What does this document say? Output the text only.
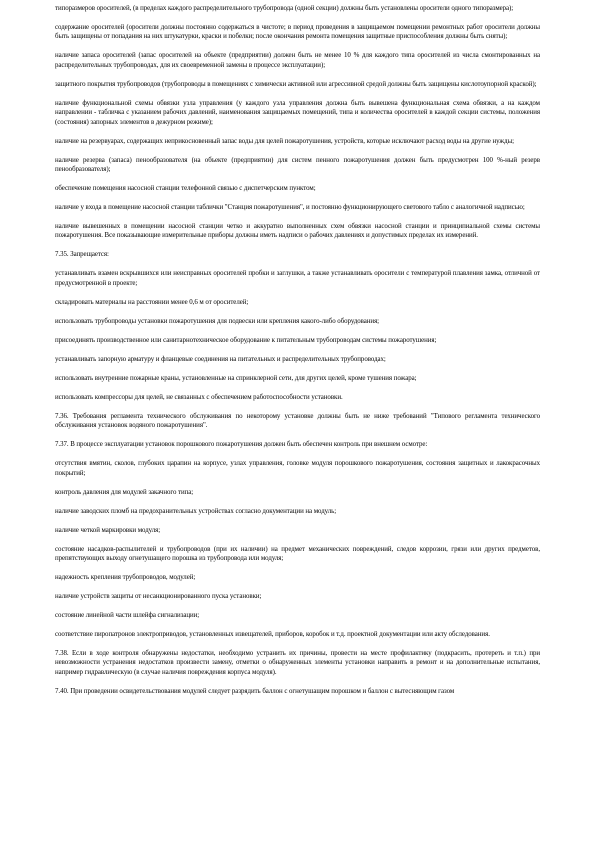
типоразмеров оросителей, (в пределах каждого распределительного трубопровода (одной секции) должны быть установлены оросители одного типоразмера);

содержание оросителей (оросители должны постоянно содержаться в чистоте; в период проведения в защищаемом помещении ремонтных работ оросители должны быть защищены от попадания на них штукатурки, краски и побелки; после окончания ремонта помещения защитные приспособления должны быть сняты);

наличие запаса оросителей (запас оросителей на объекте (предприятии) должен быть не менее 10 % для каждого типа оросителей из числа смонтированных на распределительных трубопроводах, для их своевременной замены в процессе эксплуатации);

защитного покрытия трубопроводов (трубопроводы в помещениях с химически активной или агрессивной средой должны быть защищены кислотоупорной краской);

наличие функциональной схемы обвязки узла управления (у каждого узла управления должна быть вывешена функциональная схема обвязки, а на каждом направлении - табличка с указанием рабочих давлений, наименования защищаемых помещений, типа и количества оросителей в каждой секции системы, положения (состояния) запорных элементов в дежурном режиме);

наличие на резервуарах, содержащих неприкосновенный запас воды для целей пожаротушения, устройств, которые исключают расход воды на другие нужды;

наличие резерва (запаса) пенообразователя (на объекте (предприятии) для систем пенного пожаротушения должен быть предусмотрен 100 %-ный резерв пенообразователя);

обеспечение помещения насосной станции телефонной связью с диспетчерским пунктом;

наличие у входа в помещение насосной станции таблички "Станция пожаротушения", и постоянно функционирующего светового табло с аналогичной надписью;

наличие вывешенных в помещении насосной станции четко и аккуратно выполненных схем обвязки насосной станции и принципиальной схемы системы пожаротушения. Все показывающие измерительные приборы должны иметь надписи о рабочих давлениях и допустимых пределах их измерений.

7.35. Запрещается:

устанавливать взамен вскрывшихся или неисправных оросителей пробки и заглушки, а также устанавливать оросители с температурой плавления замка, отличной от предусмотренной в проекте;

складировать материалы на расстоянии менее 0,6 м от оросителей;

использовать трубопроводы установки пожаротушения для подвески или крепления какого-либо оборудования;

присоединять производственное или санитарнотехническое оборудование к питательным трубопроводам системы пожаротушения;

устанавливать запорную арматуру и фланцевые соединения на питательных и распределительных трубопроводах;

использовать внутренние пожарные краны, установленные на спринклерной сети, для других целей, кроме тушения пожара;

использовать компрессоры для целей, не связанных с обеспечением работоспособности установки.

7.36. Требования регламента технического обслуживания по некоторому установке должны быть не ниже требований "Типового регламента технического обслуживания установок водяного пожаротушения".

7.37. В процессе эксплуатации установок порошкового пожаротушения должен быть обеспечен контроль при внешнем осмотре:

отсутствия вмятин, сколов, глубоких царапин на корпусе, узлах управления, головке модуля порошкового пожаротушения, состояния защитных и лакокрасочных покрытий;

контроль давления для модулей закачного типа;

наличие заводских пломб на предохранительных устройствах согласно документации на модуль;

наличие четкой маркировки модуля;

состояние насадков-распылителей и трубопроводов (при их наличии) на предмет механических повреждений, следов коррозии, грязи или других предметов, препятствующих выходу огнетушащего порошка из трубопровода или модуля;

надежность крепления трубопроводов, модулей;

наличие устройств защиты от несанкционированного пуска установки;

состояние линейной части шлейфа сигнализации;

соответствие пиропатронов электроприводов, установленных извещателей, приборов, коробок и т.д. проектной документации или акту обследования.

7.38. Если в ходе контроля обнаружены недостатки, необходимо устранить их причины, провести на месте профилактику (подкрасить, протереть и т.п.) при невозможности устранения недостатков произвести замену, отметки о обнаруженных элементы установки направить в ремонт и на дополнительные испытания, например гидравлическую (в случае наличия повреждения корпуса модуля).

7.40. При проведении освидетельствования модулей следует разрядить баллон с огнетушащим порошком и баллон с вытесняющим газом
